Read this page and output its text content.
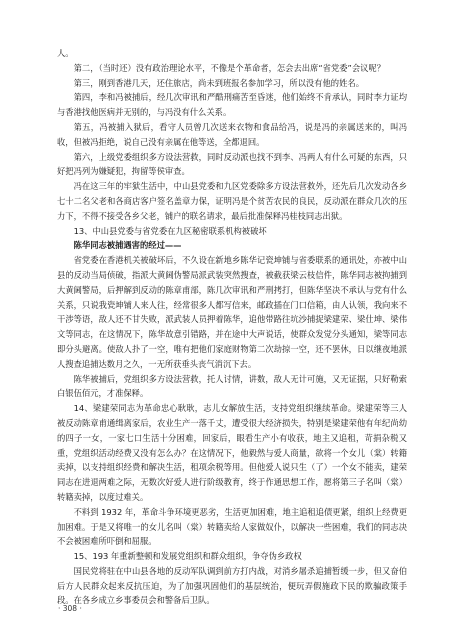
人。

第二，（当时还）没有政治理论水平，不像是个革命者，怎会去出席“省党委”会议呢？

第三，刚到香港几天，还住旅店，尚未到班报名参加学习，所以没有他的姓名。

第四，李和冯被捕后，经几次审讯和严酷刑痛苦至昏迷，他们始终不肯承认，同时李力证均与香港找他医病并无别的，与冯没有什么关系。

第五，冯被捕入狱后，看守人员曾几次送来衣物和食品给冯，说是冯的亲属送来的，叫冯收，但被冯拒绝，说自己没有亲属在他等送，全都退回。

第六，上级党委组织多方设法营救，同时反动派也找不到李、冯两人有什么可疑的东西，只好把冯列为嫌疑犯，拘留等侯审查。

冯在这三年的牢狱生活中，中山县党委和九区党委除多方设法营救外，还先后几次发动各乡七十二名父老和各商店客户签名盖章力保，证明冯是个贫苦农民的良民，反动派在群众几次的压力下，不得不接受各乡父老，铺户的联名请求，最后批准保释冯桂枝同志出狱。

13、中山县党委与省党委在九区秘密联系机构被破坏

陈华同志被捕遇害的经过——

省党委在香港机关被破坏后，不久设在新地乡陈华记瓷坤铺与省委联系的通讯处，亦被中山县的反动当局侦破，指派大黄阃伪警局派武装突然搜查，被截获梁云枝信件，陈华同志被拘捕到大黄阃警局，后押解到反动的陈章甫部，陈几次审讯和严刑拷打，但陈华坚决不承认与党有什么关系，只说我瓷坤铺人来人往，经常很多人都写信来，邮政插在门口信箱，由人认领，我向来不干涉等语，敌人还不甘失败，派武装人员押着陈华，追他带路往坑沙捕捉梁建荣、梁仕坤、梁伟文等同志，在这情况下，陈华故意引错路，并在途中大声说话，使群众发觉分头通知，梁等同志即分头避离。使敌人扑了一空，唯有把他们家庭财物第二次劫掠一空，还不罢休，日以继夜地派人搜查追捕达数月之久，一无所获垂头丧气消沉下去。

陈华被捕后，党组织多方设法营救，托人讨情，讲数，敌人无计可施，又无证据，只好勒索白银伍佰元，才准保释。

14、梁建荣同志为革命忠心耿耿，志儿女解放生活，支持党组织继续革命。梁建荣等三人被反动陈章甫通缉离家后，农业生产一落千丈，遭受很大经济损失，特别是梁建荣他有年纪尚幼的四子一女，一家七口生活十分困难，回家后，眼看生产小有收获，地主又追租，苛捐杂税又重，党组织活动经费又没有怎么办？在这情况下，他毅然与爱人商量，欲将一个女儿（棠）转籍卖掉，以支持组织经费和解决生活，租项余税等用。但他爱人说只生（了）一个女不能卖，建荣同志在进退两难之际，无数次好爱人进行阶级教育，终于作通思想工作，愿将第三子名叫（棠）转籍卖掉，以度过难关。

不料到 1932 年，革命斗争环境更恶劣，生活更加困难，地主追租追债更紧，组织上经费更加困难。于是又将唯一的女儿名叫（棠）转籍卖给人家做奴仆，以解决一些困难，我们的同志决不会被困难所吓倒和屈服。

15、193 年重新整顿和发展党组织和群众组织，争夺伪乡政权

国民党将驻在中山县各地的反动军队调到前方打内战，对消乡屠杀追捕暂缓一步，但又奋伯后方人民群众起来反抗压迫，为了加强巩固他们的基层统治，便玩弄假施政下民的欺骗政策手段。在各乡成立乡事委员会和警备后卫队。

· 308 ·
